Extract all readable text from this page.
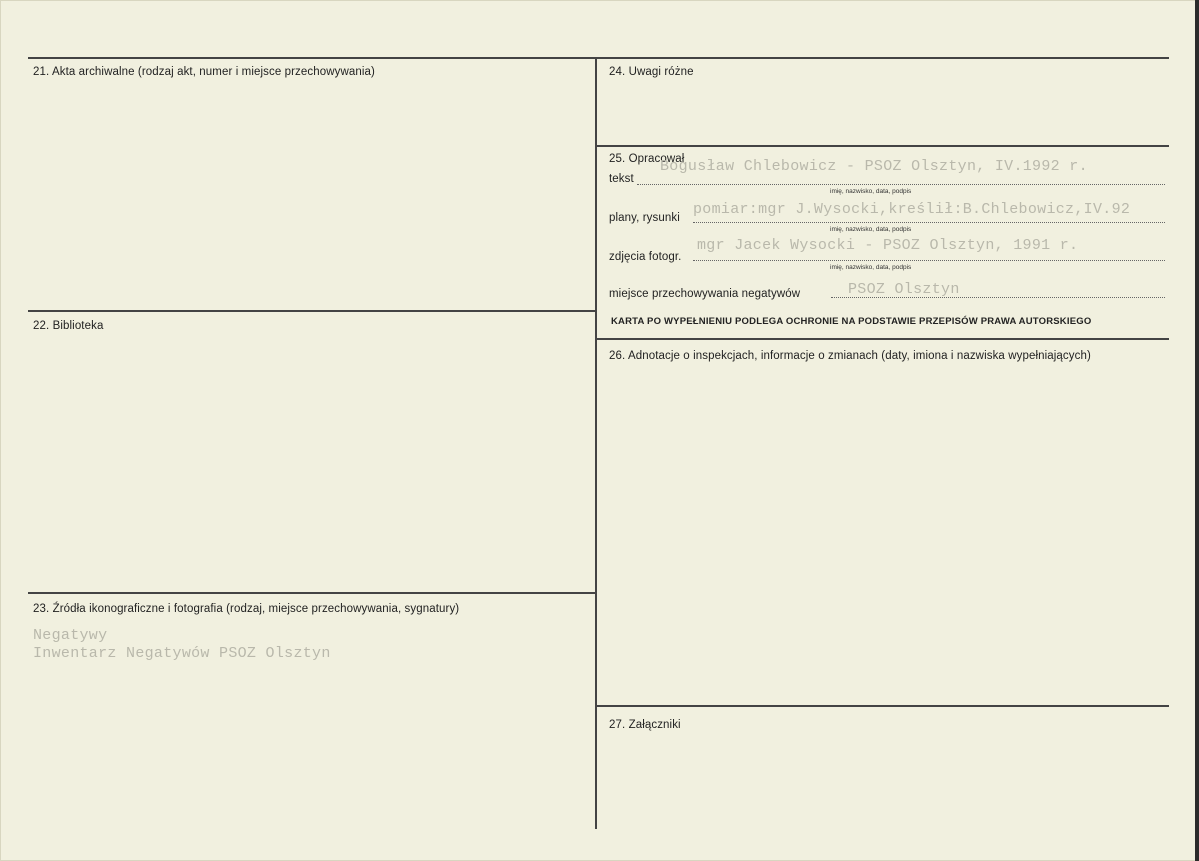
21. Akta archiwalne (rodzaj akt, numer i miejsce przechowywania)
22. Biblioteka
23. Źródła ikonograficzne i fotografia (rodzaj, miejsce przechowywania, sygnatury)
Negatywy
Inwentarz Negatywów PSOZ Olsztyn
24. Uwagi różne
25. Opracował
tekst
Bogusław Chlebowicz - PSOZ Olsztyn, IV.1992 r.
imię, nazwisko, data, podpis
plany, rysunki pomiar:mgr J.Wysocki,kreślił:B.Chlebowicz,IV.92
imię, nazwisko, data, podpis
zdjęcia fotogr.
mgr Jacek Wysocki - PSOZ Olsztyn, 1991 r.
imię, nazwisko, data, podpis
miejsce przechowywania negatywów	PSOZ Olsztyn
KARTA PO WYPEŁNIENIU PODLEGA OCHRONIE NA PODSTAWIE PRZEPISÓW PRAWA AUTORSKIEGO
26. Adnotacje o inspekcjach, informacje o zmianach (daty, imiona i nazwiska wypełniających)
27. Załączniki
